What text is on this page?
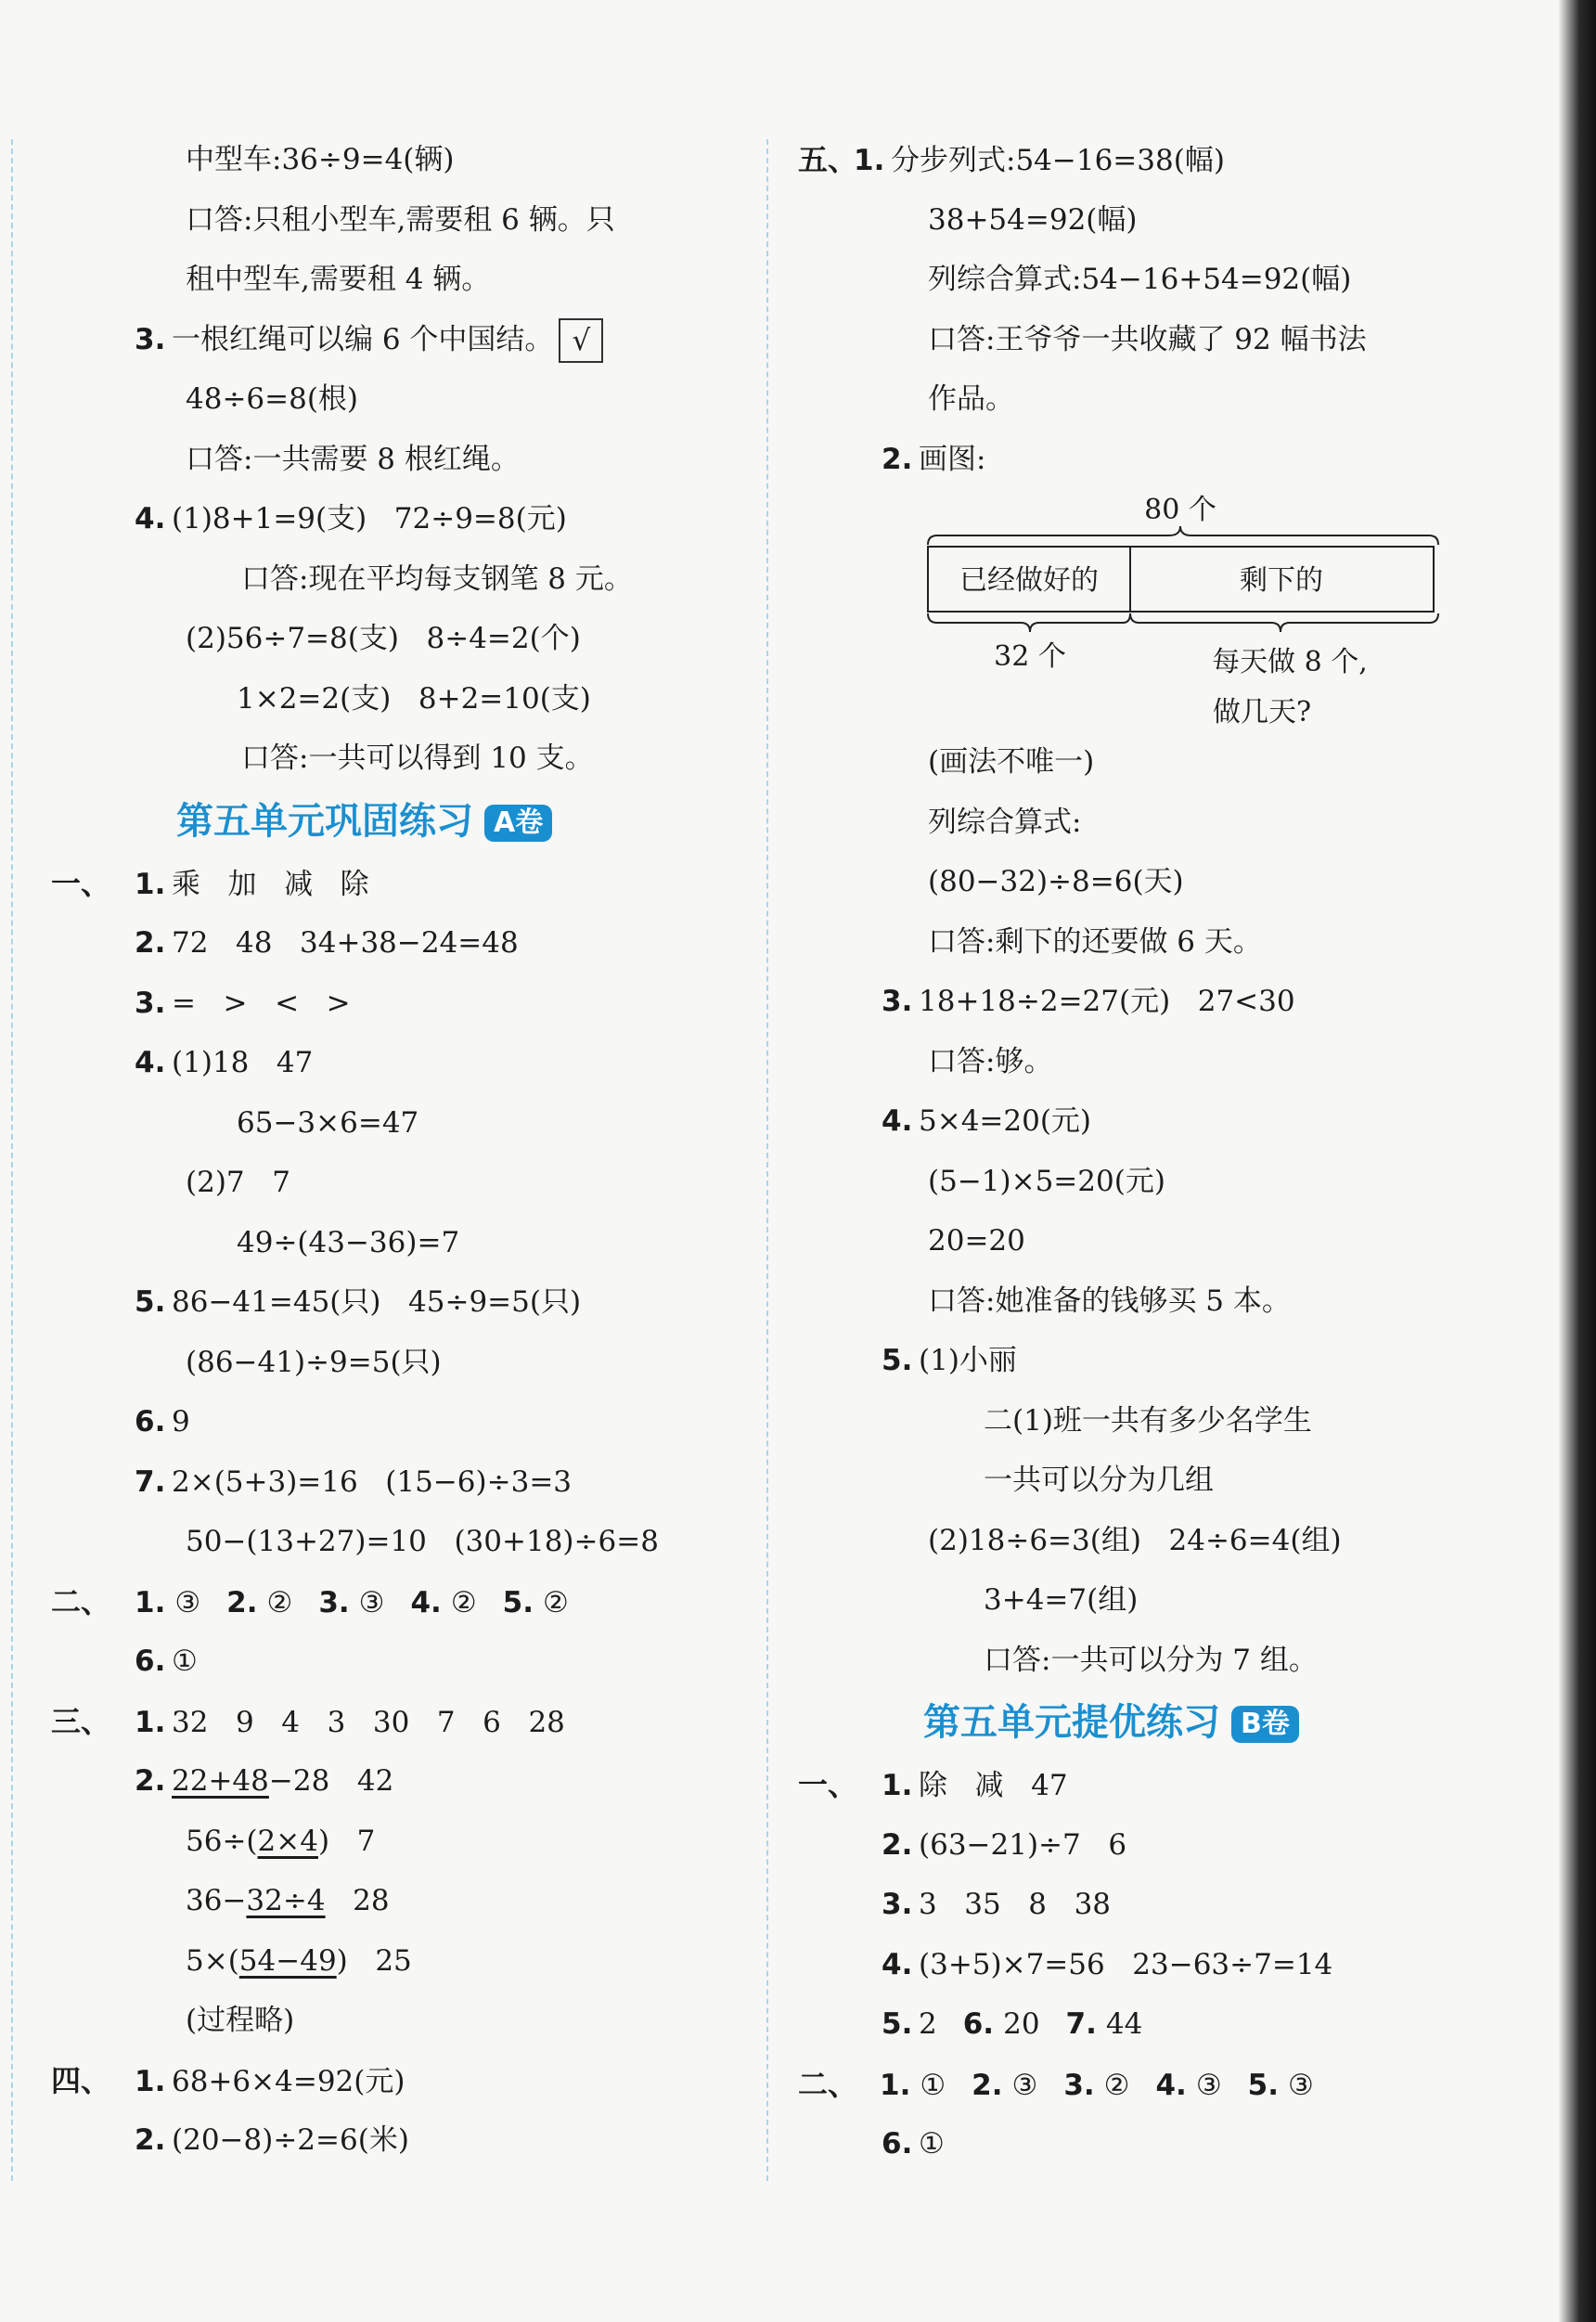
中型车:36÷9=4(辆)
口答:只租小型车,需要租 6 辆。只
租中型车,需要租 4 辆。
3. 一根红绳可以编 6 个中国结。 √
48÷6=8(根)
口答:一共需要 8 根红绳。
4. (1)8+1=9(支)   72÷9=8(元)
口答:现在平均每支钢笔 8 元。
(2)56÷7=8(支)   8÷4=2(个)
1×2=2(支)   8+2=10(支)
口答:一共可以得到 10 支。
第五单元巩固练习 A卷
一、 1. 乘   加   减   除
2. 72   48   34+38−24=48
3. =   >   <   >
4. (1)18   47
65−3×6=47
(2)7   7
49÷(43−36)=7
5. 86−41=45(只)   45÷9=5(只)
(86−41)÷9=5(只)
6. 9
7. 2×(5+3)=16   (15−6)÷3=3
50−(13+27)=10   (30+18)÷6=8
二、 1. ③ 2. ② 3. ③ 4. ② 5. ②
6. ①
三、 1. 32   9   4   3   30   7   6   28
2. 22+48−28   42
56÷(2×4)   7
36−32÷4   28
5×(54−49)   25
(过程略)
四、 1. 68+6×4=92(元)
2. (20−8)÷2=6(米)
五、1. 分步列式:54−16=38(幅)
38+54=92(幅)
列综合算式:54−16+54=92(幅)
口答:王爷爷一共收藏了 92 幅书法
作品。
2. 画图:
80 个
已经做好的	剩下的
32 个	每天做 8 个,
做几天?
(画法不唯一)
列综合算式:
(80−32)÷8=6(天)
口答:剩下的还要做 6 天。
3. 18+18÷2=27(元)   27<30
口答:够。
4. 5×4=20(元)
(5−1)×5=20(元)
20=20
口答:她准备的钱够买 5 本。
5. (1)小丽
二(1)班一共有多少名学生
一共可以分为几组
(2)18÷6=3(组)   24÷6=4(组)
3+4=7(组)
口答:一共可以分为 7 组。
第五单元提优练习 B卷
一、 1. 除   减   47
2. (63−21)÷7   6
3. 3   35   8   38
4. (3+5)×7=56   23−63÷7=14
5. 2 6. 20 7. 44
二、 1. ① 2. ③ 3. ② 4. ③ 5. ③
6. ①
